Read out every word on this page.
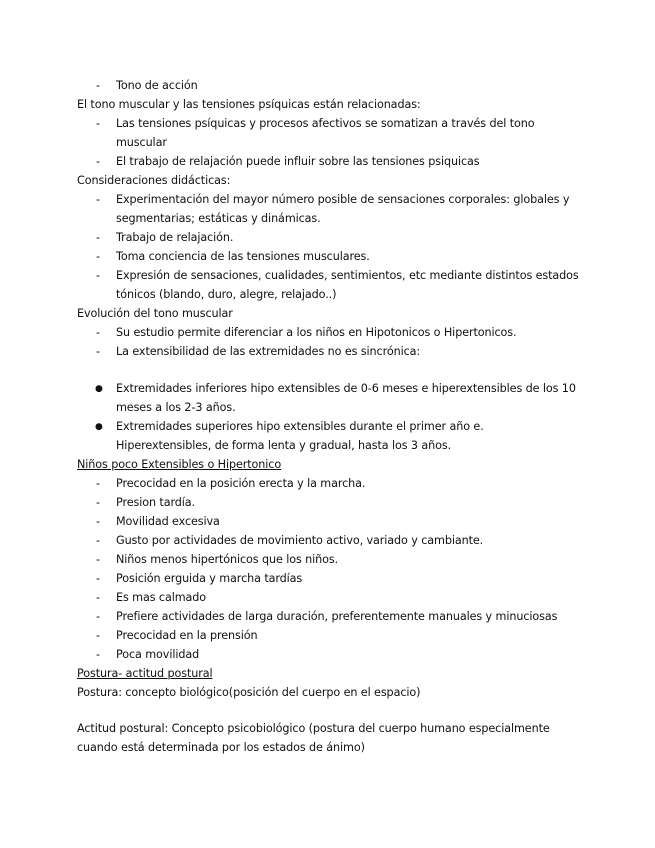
- Tono de acción
El tono muscular y las tensiones psíquicas están relacionadas:
- Las tensiones psíquicas y procesos afectivos se somatizan a través del tono
muscular
- El trabajo de relajación puede influir sobre las tensiones psiquicas
Consideraciones didácticas:
- Experimentación del mayor número posible de sensaciones corporales: globales y
segmentarias; estáticas y dinámicas.
- Trabajo de relajación.
- Toma conciencia de las tensiones musculares.
- Expresión de sensaciones, cualidades, sentimientos, etc mediante distintos estados
tónicos (blando, duro, alegre, relajado..)
Evolución del tono muscular
- Su estudio permite diferenciar a los niños en Hipotonicos o Hipertonicos.
- La extensibilidad de las extremidades no es sincrónica:
● Extremidades inferiores hipo extensibles de 0-6 meses e hiperextensibles de los 10
meses a los 2-3 años.
● Extremidades superiores hipo extensibles durante el primer año e.
Hiperextensibles, de forma lenta y gradual, hasta los 3 años.
Niños poco Extensibles o Hipertonico
- Precocidad en la posición erecta y la marcha.
- Presion tardía.
- Movilidad excesiva
- Gusto por actividades de movimiento activo, variado y cambiante.
- Niños menos hipertónicos que los niños.
- Posición erguida y marcha tardías
- Es mas calmado
- Prefiere actividades de larga duración, preferentemente manuales y minuciosas
- Precocidad en la prensión
- Poca movilidad
Postura- actitud postural
Postura: concepto biológico(posición del cuerpo en el espacio)
Actitud postural: Concepto psicobiológico (postura del cuerpo humano especialmente
cuando está determinada por los estados de ánimo)
